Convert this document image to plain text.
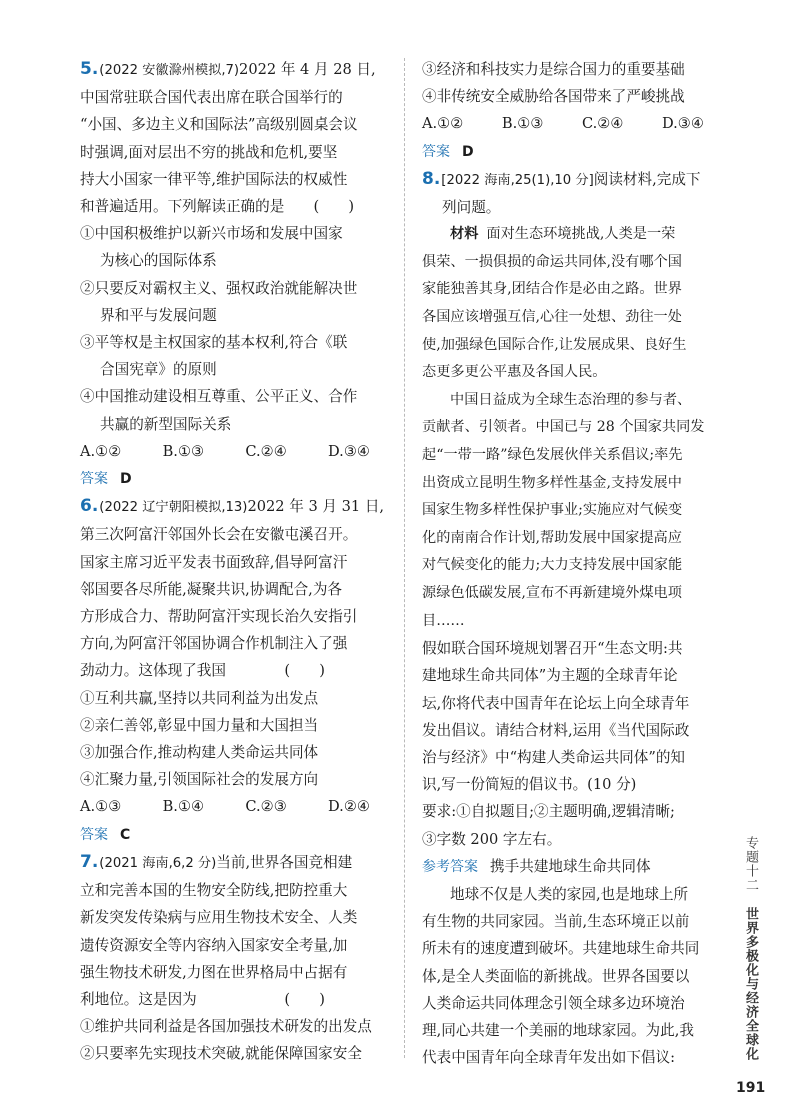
5.(2022 安徽滁州模拟,7)2022 年 4 月 28 日,
中国常驻联合国代表出席在联合国举行的
“小国、多边主义和国际法”高级别圆桌会议
时强调,面对层出不穷的挑战和危机,要坚
持大小国家一律平等,维护国际法的权威性
和普遍适用。下列解读正确的是　　(　　)
①中国积极维护以新兴市场和发展中国家
为核心的国际体系
②只要反对霸权主义、强权政治就能解决世
界和平与发展问题
③平等权是主权国家的基本权利,符合《联
合国宪章》的原则
④中国推动建设相互尊重、公平正义、合作
共赢的新型国际关系
A.①②	B.①③	C.②④	D.③④
答案 D
6.(2022 辽宁朝阳模拟,13)2022 年 3 月 31 日,
第三次阿富汗邻国外长会在安徽屯溪召开。
国家主席习近平发表书面致辞,倡导阿富汗
邻国要各尽所能,凝聚共识,协调配合,为各
方形成合力、帮助阿富汗实现长治久安指引
方向,为阿富汗邻国协调合作机制注入了强
劲动力。这体现了我国　　　　(　　)
①互利共赢,坚持以共同利益为出发点
②亲仁善邻,彰显中国力量和大国担当
③加强合作,推动构建人类命运共同体
④汇聚力量,引领国际社会的发展方向
A.①③	B.①④	C.②③	D.②④
答案 C
7.(2021 海南,6,2 分)当前,世界各国竞相建
立和完善本国的生物安全防线,把防控重大
新发突发传染病与应用生物技术安全、人类
遗传资源安全等内容纳入国家安全考量,加
强生物技术研发,力图在世界格局中占据有
利地位。这是因为　　　　　　(　　)
①维护共同利益是各国加强技术研发的出发点
②只要率先实现技术突破,就能保障国家安全
③经济和科技实力是综合国力的重要基础
④非传统安全威胁给各国带来了严峻挑战
A.①②	B.①③	C.②④	D.③④
答案 D
8.[2022 海南,25(1),10 分]阅读材料,完成下
列问题。
材料 面对生态环境挑战,人类是一荣
俱荣、一损俱损的命运共同体,没有哪个国
家能独善其身,团结合作是必由之路。世界
各国应该增强互信,心往一处想、劲往一处
使,加强绿色国际合作,让发展成果、良好生
态更多更公平惠及各国人民。
中国日益成为全球生态治理的参与者、
贡献者、引领者。中国已与 28 个国家共同发
起“一带一路”绿色发展伙伴关系倡议;率先
出资成立昆明生物多样性基金,支持发展中
国家生物多样性保护事业;实施应对气候变
化的南南合作计划,帮助发展中国家提高应
对气候变化的能力;大力支持发展中国家能
源绿色低碳发展,宣布不再新建境外煤电项
目……
假如联合国环境规划署召开“生态文明:共
建地球生命共同体”为主题的全球青年论
坛,你将代表中国青年在论坛上向全球青年
发出倡议。请结合材料,运用《当代国际政
治与经济》中“构建人类命运共同体”的知
识,写一份简短的倡议书。(10 分)
要求:①自拟题目;②主题明确,逻辑清晰;
③字数 200 字左右。
参考答案 携手共建地球生命共同体
地球不仅是人类的家园,也是地球上所
有生物的共同家园。当前,生态环境正以前
所未有的速度遭到破坏。共建地球生命共同
体,是全人类面临的新挑战。世界各国要以
人类命运共同体理念引领全球多边环境治
理,同心共建一个美丽的地球家园。为此,我
代表中国青年向全球青年发出如下倡议:
专题十二 世界多极化与经济全球化
191
